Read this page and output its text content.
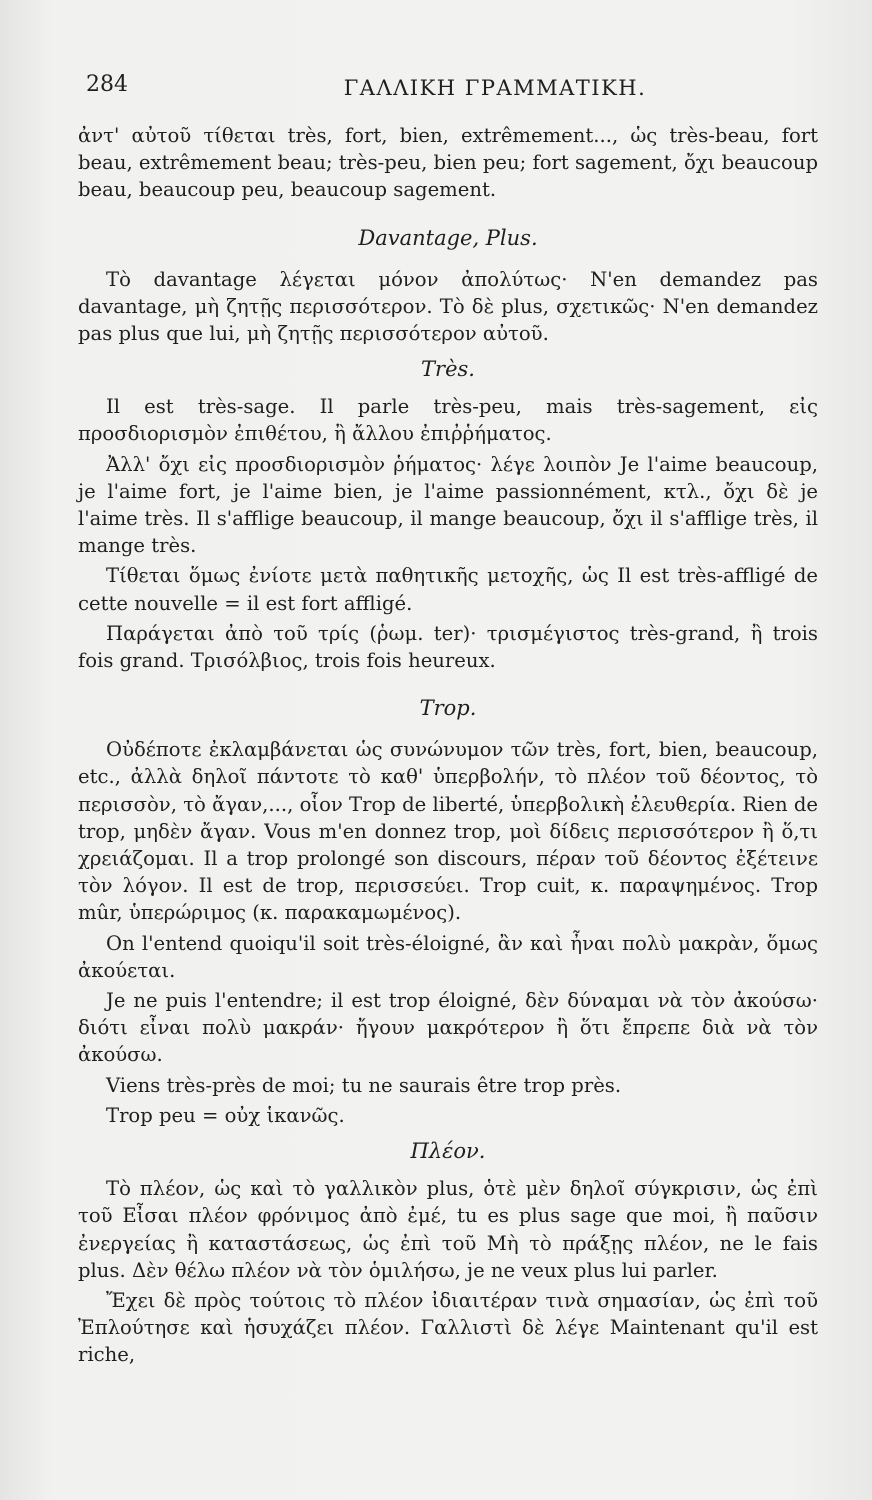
284	ΓΑΛΛΙΚΗ ΓΡΑΜΜΑΤΙΚΗ.

ἀντ' αὐτοῦ τίθεται très, fort, bien, extrêmement..., ὡς très-beau, fort beau, extrêmement beau; très-peu, bien peu; fort sagement, ὄχι beaucoup beau, beaucoup peu, beaucoup sagement.

Davantage, Plus.

Τὸ davantage λέγεται μόνον ἀπολύτως· N'en demandez pas davantage, μὴ ζητῇς περισσότερον. Τὸ δὲ plus, σχετικῶς· N'en demandez pas plus que lui, μὴ ζητῇς περισσότερον αὐτοῦ.

Très.

Il est très-sage. Il parle très-peu, mais très-sagement, εἰς προσδιορισμὸν ἐπιθέτου, ἢ ἄλλου ἐπιῤῥήματος.

Ἀλλ' ὄχι εἰς προσδιορισμὸν ῥήματος· λέγε λοιπὸν Je l'aime beaucoup, je l'aime fort, je l'aime bien, je l'aime passionnément, κτλ., ὄχι δὲ je l'aime très. Il s'afflige beaucoup, il mange beaucoup, ὄχι il s'afflige très, il mange très.

Τίθεται ὅμως ἐνίοτε μετὰ παθητικῆς μετοχῆς, ὡς Il est très-affligé de cette nouvelle = il est fort affligé.

Παράγεται ἀπὸ τοῦ τρίς (ῥωμ. ter)· τρισμέγιστος très-grand, ἢ trois fois grand. Τρισόλβιος, trois fois heureux.

Trop.

Οὐδέποτε ἐκλαμβάνεται ὡς συνώνυμον τῶν très, fort, bien, beaucoup, etc., ἀλλὰ δηλοῖ πάντοτε τὸ καθ' ὑπερβολήν, τὸ πλέον τοῦ δέοντος, τὸ περισσὸν, τὸ ἄγαν,..., οἷον Trop de liberté, ὑπερβολικὴ ἐλευθερία. Rien de trop, μηδὲν ἄγαν. Vous m'en donnez trop, μοὶ δίδεις περισσότερον ἢ ὅ,τι χρειάζομαι. Il a trop prolongé son discours, πέραν τοῦ δέοντος ἐξέτεινε τὸν λόγον. Il est de trop, περισσεύει. Trop cuit, κ. παραψημένος. Trop mûr, ὑπερώριμος (κ. παρακαμωμένος).

On l'entend quoiqu'il soit très-éloigné, ἂν καὶ ἦναι πολὺ μακρὰν, ὅμως ἀκούεται.

Je ne puis l'entendre; il est trop éloigné, δὲν δύναμαι νὰ τὸν ἀκούσω· διότι εἶναι πολὺ μακράν· ἤγουν μακρότερον ἢ ὅτι ἔπρεπε διὰ νὰ τὸν ἀκούσω.

Viens très-près de moi; tu ne saurais être trop près.

Trop peu = οὐχ ἱκανῶς.

Πλέον.

Τὸ πλέον, ὡς καὶ τὸ γαλλικὸν plus, ὁτὲ μὲν δηλοῖ σύγκρισιν, ὡς ἐπὶ τοῦ Εἶσαι πλέον φρόνιμος ἀπὸ ἐμέ, tu es plus sage que moi, ἢ παῦσιν ἐνεργείας ἢ καταστάσεως, ὡς ἐπὶ τοῦ Μὴ τὸ πράξῃς πλέον, ne le fais plus. Δὲν θέλω πλέον νὰ τὸν ὁμιλήσω, je ne veux plus lui parler.

Ἔχει δὲ πρὸς τούτοις τὸ πλέον ἰδιαιτέραν τινὰ σημασίαν, ὡς ἐπὶ τοῦ Ἐπλούτησε καὶ ἡσυχάζει πλέον. Γαλλιστὶ δὲ λέγε Maintenant qu'il est riche,
